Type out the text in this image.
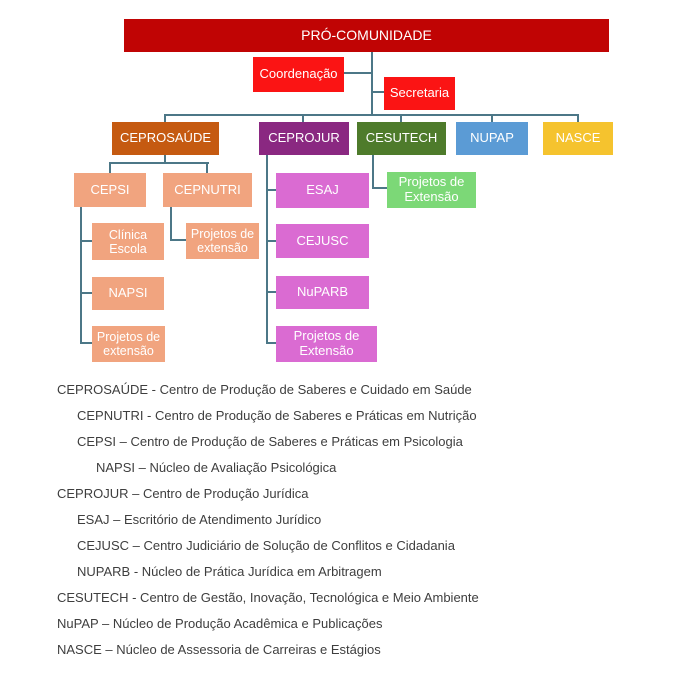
PRÓ-COMUNIDADE
Coordenação
Secretaria
CEPROSAÚDE	CEPROJUR	CESUTECH	NUPAP	NASCE
CEPSI	CEPNUTRI
Clínica Escola
NAPSI
Projetos de extensão
Projetos de extensão
ESAJ
CEJUSC
NuPARB
Projetos de Extensão
Projetos de Extensão
CEPROSAÚDE - Centro de Produção de Saberes e Cuidado em Saúde
CEPNUTRI - Centro de Produção de Saberes e Práticas em Nutrição
CEPSI – Centro de Produção de Saberes e Práticas em Psicologia
NAPSI – Núcleo de Avaliação Psicológica
CEPROJUR – Centro de Produção Jurídica
ESAJ – Escritório de Atendimento Jurídico
CEJUSC – Centro Judiciário de Solução de Conflitos e Cidadania
NUPARB - Núcleo de Prática Jurídica em Arbitragem
CESUTECH - Centro de Gestão, Inovação, Tecnológica e Meio Ambiente
NuPAP – Núcleo de Produção Acadêmica e Publicações
NASCE – Núcleo de Assessoria de Carreiras e Estágios
